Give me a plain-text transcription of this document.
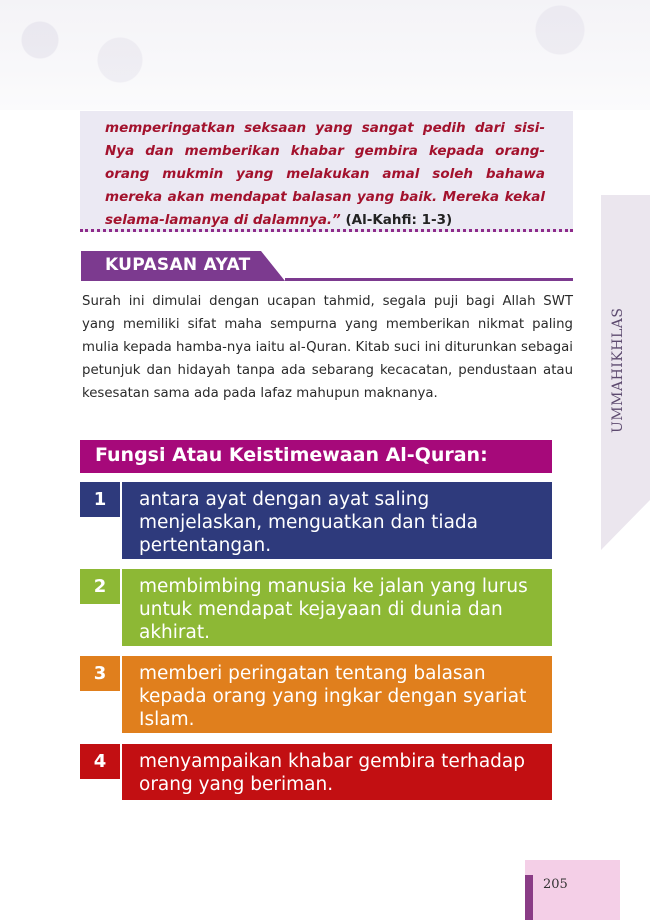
UMMAHIKHLAS
memperingatkan seksaan yang sangat pedih dari sisi-Nya dan memberikan khabar gembira kepada orang-orang mukmin yang melakukan amal soleh bahawa mereka akan mendapat balasan yang baik. Mereka kekal selama-lamanya di dalamnya.” (Al-Kahfi: 1-3)
KUPASAN AYAT
Surah ini dimulai dengan ucapan tahmid, segala puji bagi Allah SWT yang memiliki sifat maha sempurna yang memberikan nikmat paling mulia kepada hamba-nya iaitu al-Quran. Kitab suci ini diturunkan sebagai petunjuk dan hidayah tanpa ada sebarang kecacatan, pendustaan atau kesesatan sama ada pada lafaz mahupun maknanya.
Fungsi Atau Keistimewaan Al-Quran:
1	antara ayat dengan ayat saling menjelaskan, menguatkan dan tiada pertentangan.
2	membimbing manusia ke jalan yang lurus untuk mendapat kejayaan di dunia dan akhirat.
3	memberi peringatan tentang balasan kepada orang yang ingkar dengan syariat Islam.
4	menyampaikan khabar gembira terhadap orang yang beriman.
205
